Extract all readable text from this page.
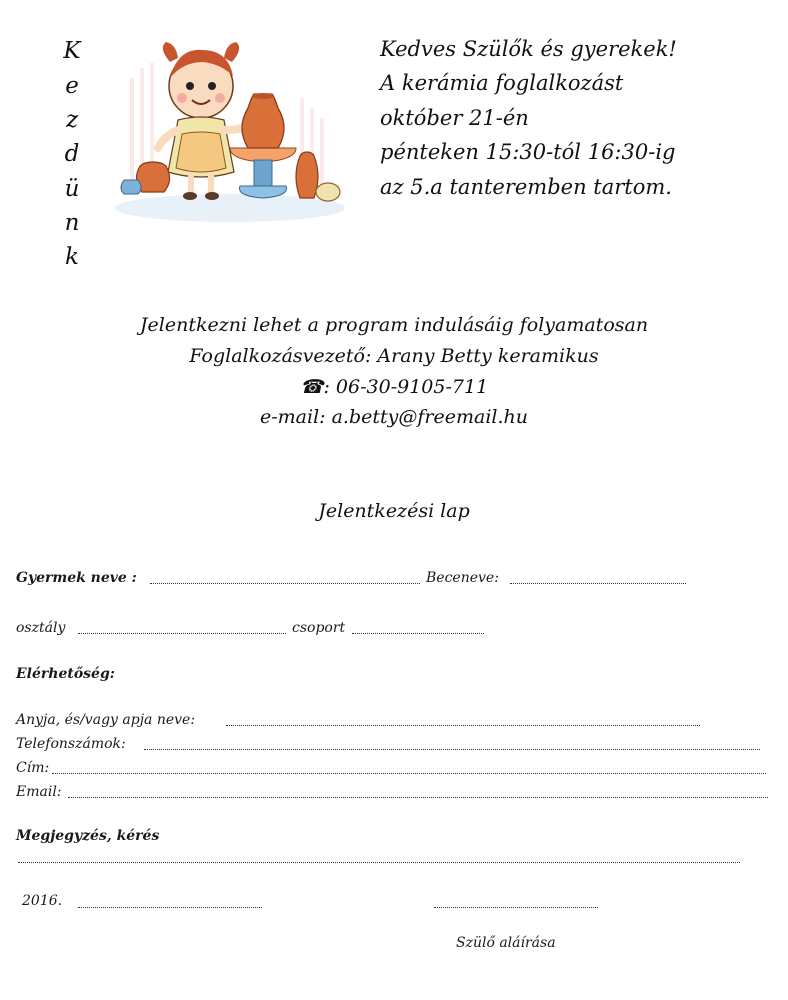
K
e
z
d
ü
n
k
Kedves Szülők és gyerekek!
A kerámia foglalkozást
október 21-én
pénteken 15:30-tól 16:30-ig
az 5.a tanteremben tartom.
Jelentkezni lehet a program indulásáig folyamatosan
Foglalkozásvezető: Arany Betty keramikus
☎: 06-30-9105-711
e-mail: a.betty@freemail.hu
Jelentkezési lap
Gyermek neve :	Beceneve:
osztály	csoport
Elérhetőség:
Anyja, és/vagy apja neve:
Telefonszámok:
Cím:
Email:
Megjegyzés, kérés
2016.
Szülő aláírása
